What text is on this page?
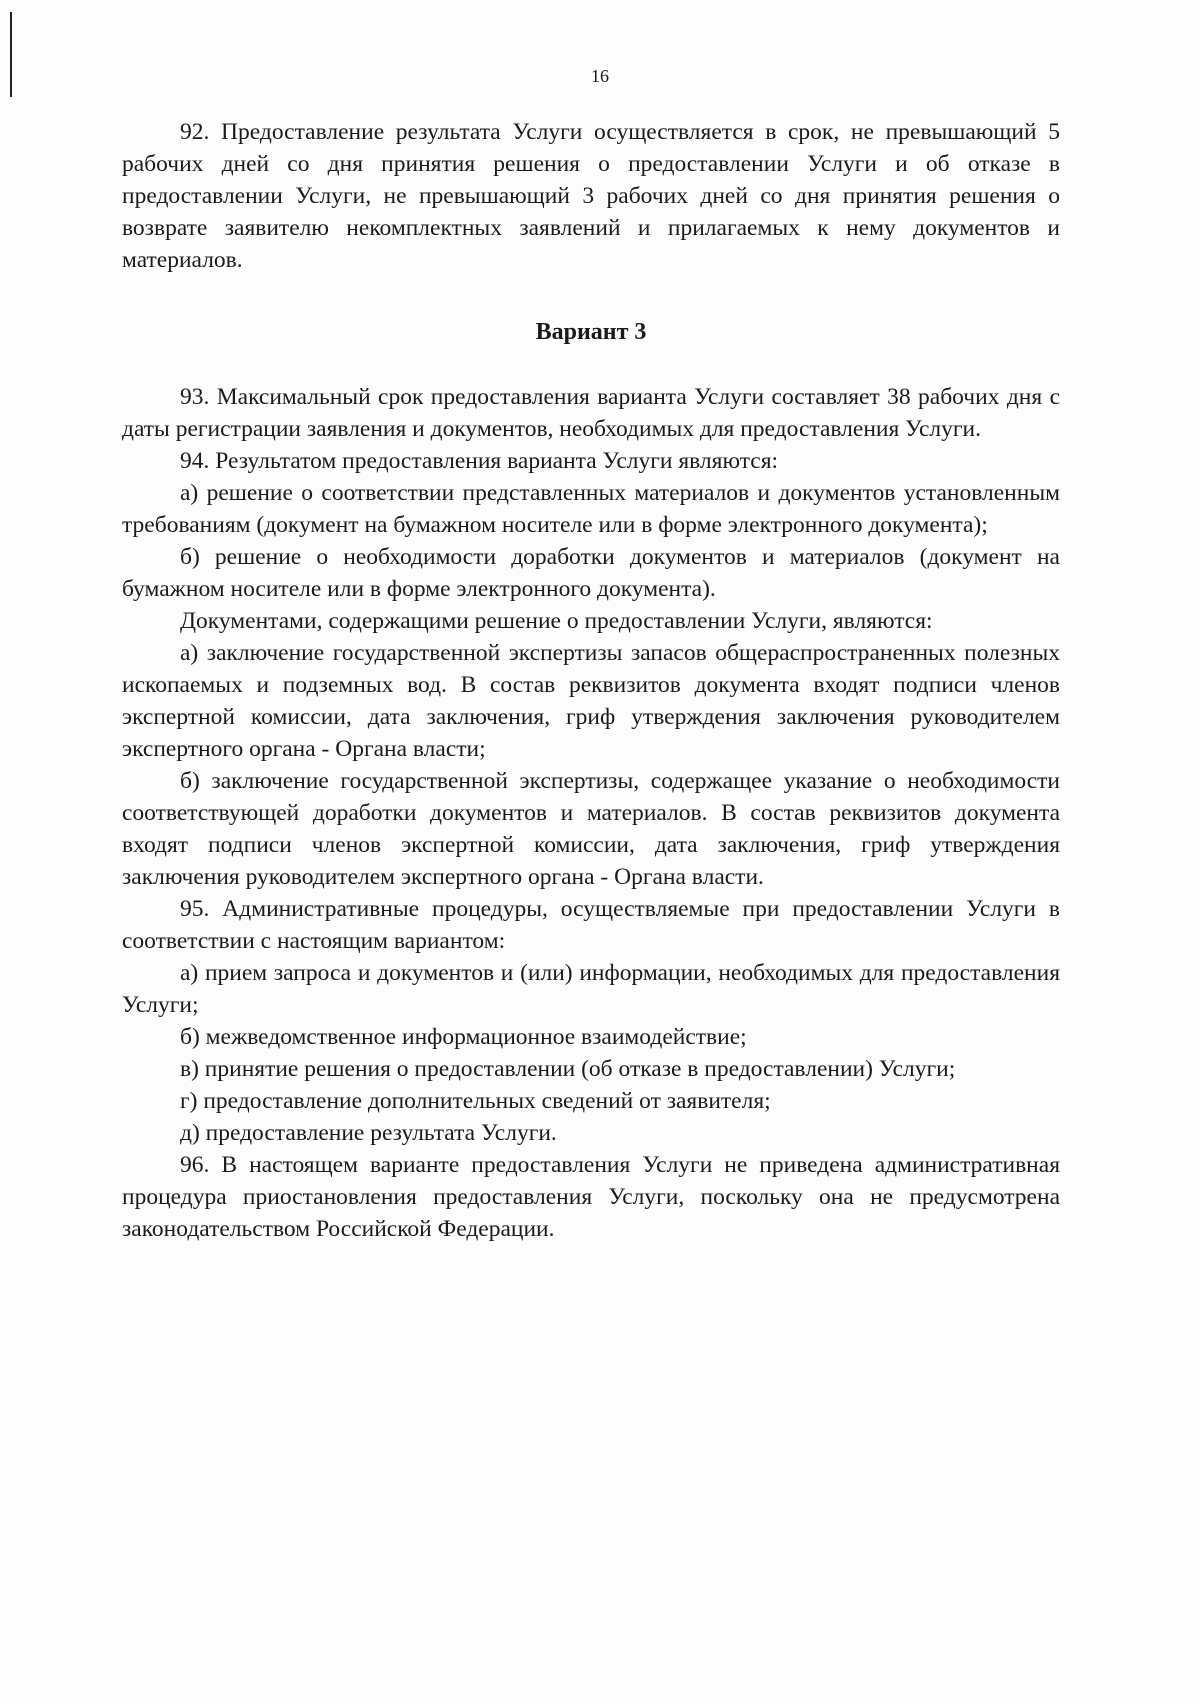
16

92. Предоставление результата Услуги осуществляется в срок, не превышающий 5 рабочих дней со дня принятия решения о предоставлении Услуги и об отказе в предоставлении Услуги, не превышающий 3 рабочих дней со дня принятия решения о возврате заявителю некомплектных заявлений и прилагаемых к нему документов и материалов.

Вариант 3

93. Максимальный срок предоставления варианта Услуги составляет 38 рабочих дня с даты регистрации заявления и документов, необходимых для предоставления Услуги.

94. Результатом предоставления варианта Услуги являются:

а) решение о соответствии представленных материалов и документов установленным требованиям (документ на бумажном носителе или в форме электронного документа);

б) решение о необходимости доработки документов и материалов (документ на бумажном носителе или в форме электронного документа).

Документами, содержащими решение о предоставлении Услуги, являются:

а) заключение государственной экспертизы запасов общераспространенных полезных ископаемых и подземных вод. В состав реквизитов документа входят подписи членов экспертной комиссии, дата заключения, гриф утверждения заключения руководителем экспертного органа - Органа власти;

б) заключение государственной экспертизы, содержащее указание о необходимости соответствующей доработки документов и материалов. В состав реквизитов документа входят подписи членов экспертной комиссии, дата заключения, гриф утверждения заключения руководителем экспертного органа - Органа власти.

95. Административные процедуры, осуществляемые при предоставлении Услуги в соответствии с настоящим вариантом:

а) прием запроса и документов и (или) информации, необходимых для предоставления Услуги;

б) межведомственное информационное взаимодействие;

в) принятие решения о предоставлении (об отказе в предоставлении) Услуги;

г) предоставление дополнительных сведений от заявителя;

д) предоставление результата Услуги.

96. В настоящем варианте предоставления Услуги не приведена административная процедура приостановления предоставления Услуги, поскольку она не предусмотрена законодательством Российской Федерации.
